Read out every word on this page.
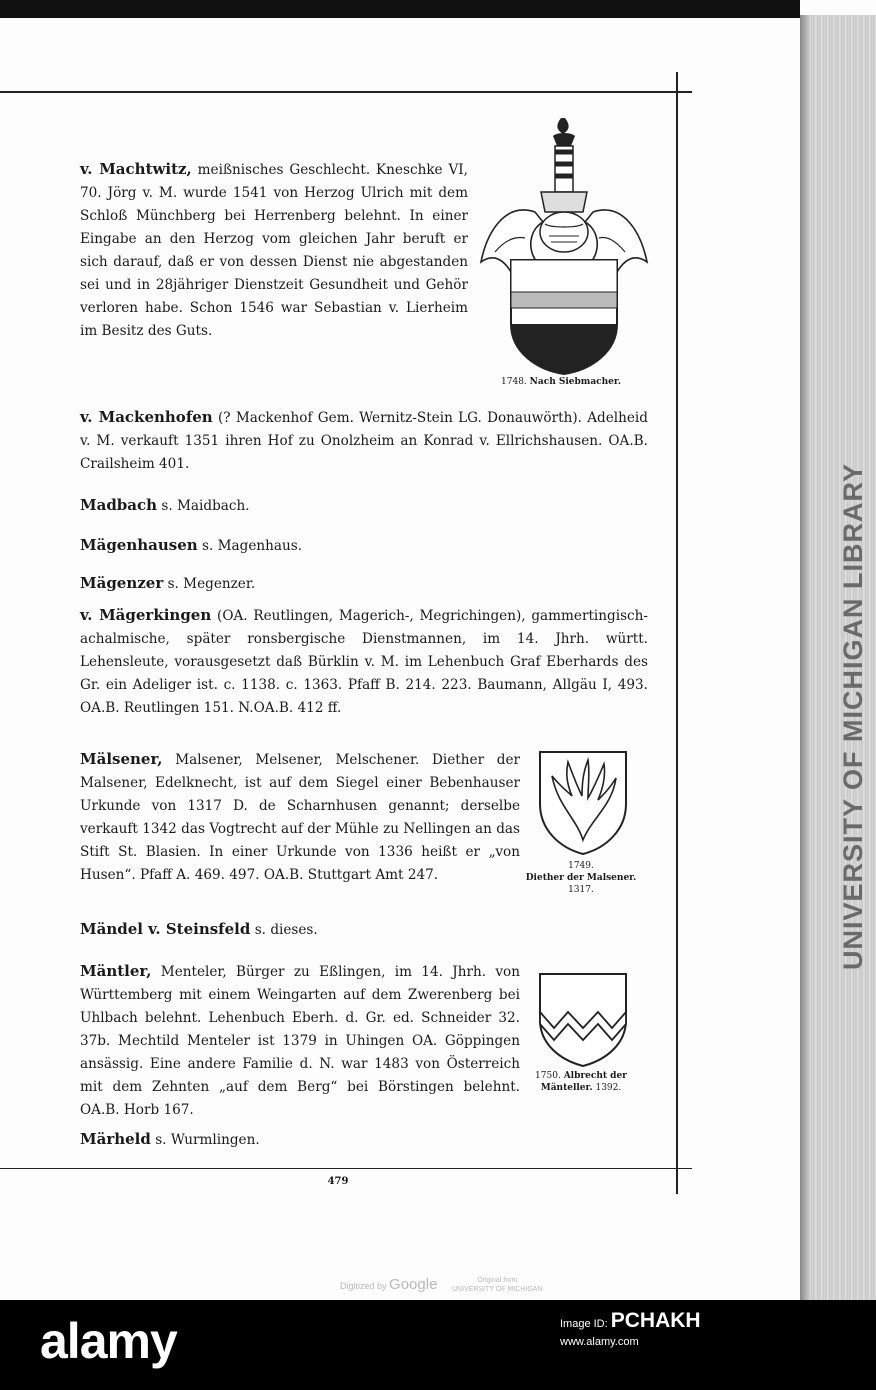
UNIVERSITY OF MICHIGAN LIBRARY
v. Machtwitz, meißnisches Geschlecht. Kneschke VI, 70. Jörg v. M. wurde 1541 von Herzog Ulrich mit dem Schloß Münchberg bei Herrenberg belehnt. In einer Eingabe an den Herzog vom gleichen Jahr beruft er sich darauf, daß er von dessen Dienst nie abgestanden sei und in 28jähriger Dienstzeit Gesundheit und Gehör verloren habe. Schon 1546 war Sebastian v. Lierheim im Besitz des Guts.
1748. Nach Siebmacher.
v. Mackenhofen (? Mackenhof Gem. Wernitz-Stein LG. Donauwörth). Adelheid v. M. verkauft 1351 ihren Hof zu Onolzheim an Konrad v. Ellrichshausen. OA.B. Crailsheim 401.
Madbach s. Maidbach.
Mägenhausen s. Magenhaus.
Mägenzer s. Megenzer.
v. Mägerkingen (OA. Reutlingen, Magerich-, Megrichingen), gammertingisch-achalmische, später ronsbergische Dienstmannen, im 14. Jhrh. württ. Lehensleute, vorausgesetzt daß Bürklin v. M. im Lehenbuch Graf Eberhards des Gr. ein Adeliger ist. c. 1138. c. 1363. Pfaff B. 214. 223. Baumann, Allgäu I, 493. OA.B. Reutlingen 151. N.OA.B. 412 ff.
Mälsener, Malsener, Melsener, Melschener. Diether der Malsener, Edelknecht, ist auf dem Siegel einer Bebenhauser Urkunde von 1317 D. de Scharnhusen genannt; derselbe verkauft 1342 das Vogtrecht auf der Mühle zu Nellingen an das Stift St. Blasien. In einer Urkunde von 1336 heißt er „von Husen“. Pfaff A. 469. 497. OA.B. Stuttgart Amt 247.
1749.
Diether der Malsener.
1317.
Mändel v. Steinsfeld s. dieses.
Mäntler, Menteler, Bürger zu Eßlingen, im 14. Jhrh. von Württemberg mit einem Weingarten auf dem Zwerenberg bei Uhlbach belehnt. Lehenbuch Eberh. d. Gr. ed. Schneider 32. 37b. Mechtild Menteler ist 1379 in Uhingen OA. Göppingen ansässig. Eine andere Familie d. N. war 1483 von Österreich mit dem Zehnten „auf dem Berg“ bei Börstingen belehnt. OA.B. Horb 167.
1750. Albrecht der Mänteller. 1392.
Märheld s. Wurmlingen.
479
Digitized by Google	Original from
UNIVERSITY OF MICHIGAN
alamy	Image ID: PCHAKH
www.alamy.com
